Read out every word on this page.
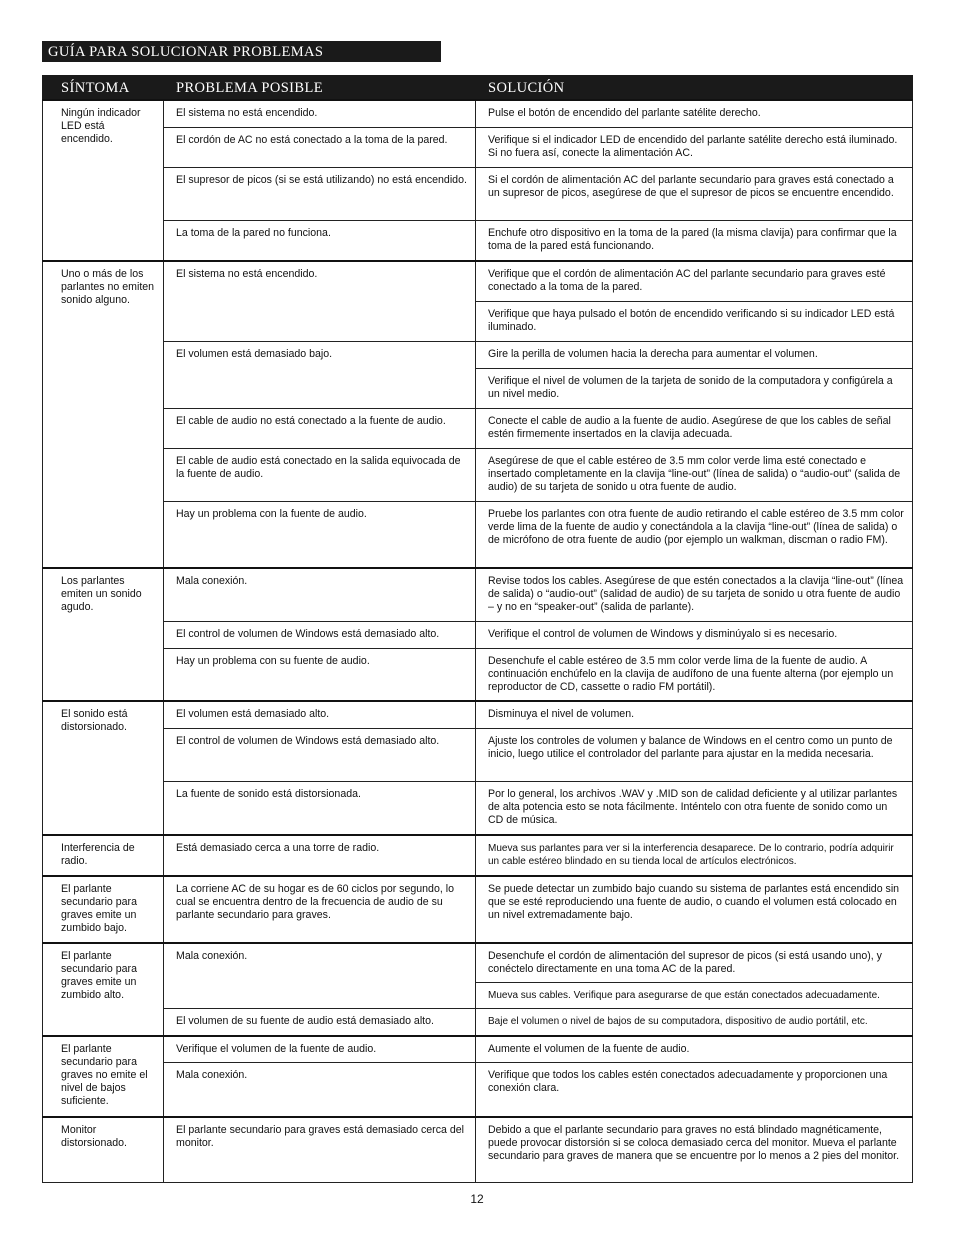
GUÍA PARA SOLUCIONAR PROBLEMAS
SÍNTOMA	PROBLEMA POSIBLE	SOLUCIÓN
Ningún indicador LED está encendido.	El sistema no está encendido.	Pulse el botón de encendido del parlante satélite derecho.
	El cordón de AC no está conectado a la toma de la pared.	Verifique si el indicador LED de encendido del parlante satélite derecho está iluminado. Si no fuera así, conecte la alimentación AC.
	El supresor de picos (si se está utilizando) no está encendido.	Si el cordón de alimentación AC del parlante secundario para graves está conectado a un supresor de picos, asegúrese de que el supresor de picos se encuentre encendido.
	La toma de la pared no funciona.	Enchufe otro dispositivo en la toma de la pared (la misma clavija) para confirmar que la toma de la pared está funcionando.
Uno o más de los parlantes no emiten sonido alguno.	El sistema no está encendido.	Verifique que el cordón de alimentación AC del parlante secundario para graves esté conectado a la toma de la pared.
		Verifique que haya pulsado el botón de encendido verificando si su indicador LED está iluminado.
	El volumen está demasiado bajo.	Gire la perilla de volumen hacia la derecha para aumentar el volumen.
		Verifique el nivel de volumen de la tarjeta de sonido de la computadora y configúrela a un nivel medio.
	El cable de audio no está conectado a la fuente de audio.	Conecte el cable de audio a la fuente de audio. Asegúrese de que los cables de señal estén firmemente insertados en la clavija adecuada.
	El cable de audio está conectado en la salida equivocada de la fuente de audio.	Asegúrese de que el cable estéreo de 3.5 mm color verde lima esté conectado e insertado completamente en la clavija “line-out” (línea de salida) o “audio-out” (salida de audio) de su tarjeta de sonido u otra fuente de audio.
	Hay un problema con la fuente de audio.	Pruebe los parlantes con otra fuente de audio retirando el cable estéreo de 3.5 mm color verde lima de la fuente de audio y conectándola a la clavija “line-out” (línea de salida) o de micrófono de otra fuente de audio (por ejemplo un walkman, discman o radio FM).
Los parlantes emiten un sonido agudo.	Mala conexión.	Revise todos los cables. Asegúrese de que estén conectados a la clavija “line-out” (línea de salida) o “audio-out” (salidad de audio) de su tarjeta de sonido u otra fuente de audio – y no en “speaker-out” (salida de parlante).
	El control de volumen de Windows está demasiado alto.	Verifique el control de volumen de Windows y disminúyalo si es necesario.
	Hay un problema con su fuente de audio.	Desenchufe el cable estéreo de 3.5 mm color verde lima de la fuente de audio. A continuación enchúfelo en la clavija de audífono de una fuente alterna (por ejemplo un reproductor de CD, cassette o radio FM portátil).
El sonido está distorsionado.	El volumen está demasiado alto.	Disminuya el nivel de volumen.
	El control de volumen de Windows está demasiado alto.	Ajuste los controles de volumen y balance de Windows en el centro como un punto de inicio, luego utilice el controlador del parlante para ajustar en la medida necesaria.
	La fuente de sonido está distorsionada.	Por lo general, los archivos .WAV y .MID son de calidad deficiente y al utilizar parlantes de alta potencia esto se nota fácilmente. Inténtelo con otra fuente de sonido como un CD de música.
Interferencia de radio.	Está demasiado cerca a una torre de radio.	Mueva sus parlantes para ver si la interferencia desaparece. De lo contrario, podría adquirir un cable estéreo blindado en su tienda local de artículos electrónicos.
El parlante secundario para graves emite un zumbido bajo.	La corriene AC de su hogar es de 60 ciclos por segundo, lo cual se encuentra dentro de la frecuencia de audio de su parlante secundario para graves.	Se puede detectar un zumbido bajo cuando su sistema de parlantes está encendido sin que se esté reproduciendo una fuente de audio, o cuando el volumen está colocado en un nivel extremadamente bajo.
El parlante secundario para graves emite un zumbido alto.	Mala conexión.	Desenchufe el cordón de alimentación del supresor de picos (si está usando uno), y conéctelo directamente en una toma AC de la pared.
		Mueva sus cables. Verifique para asegurarse de que están conectados adecuadamente.
	El volumen de su fuente de audio está demasiado alto.	Baje el volumen o nivel de bajos de su computadora, dispositivo de audio portátil, etc.
El parlante secundario para graves no emite el nivel de bajos suficiente.	Verifique el volumen de la fuente de audio.	Aumente el volumen de la fuente de audio.
	Mala conexión.	Verifique que todos los cables estén conectados adecuadamente y proporcionen una conexión clara.
Monitor distorsionado.	El parlante secundario para graves está demasiado cerca del monitor.	Debido a que el parlante secundario para graves no está blindado magnéticamente, puede provocar distorsión si se coloca demasiado cerca del monitor. Mueva el parlante secundario para graves de manera que se encuentre por lo menos a 2 pies del monitor.
12
